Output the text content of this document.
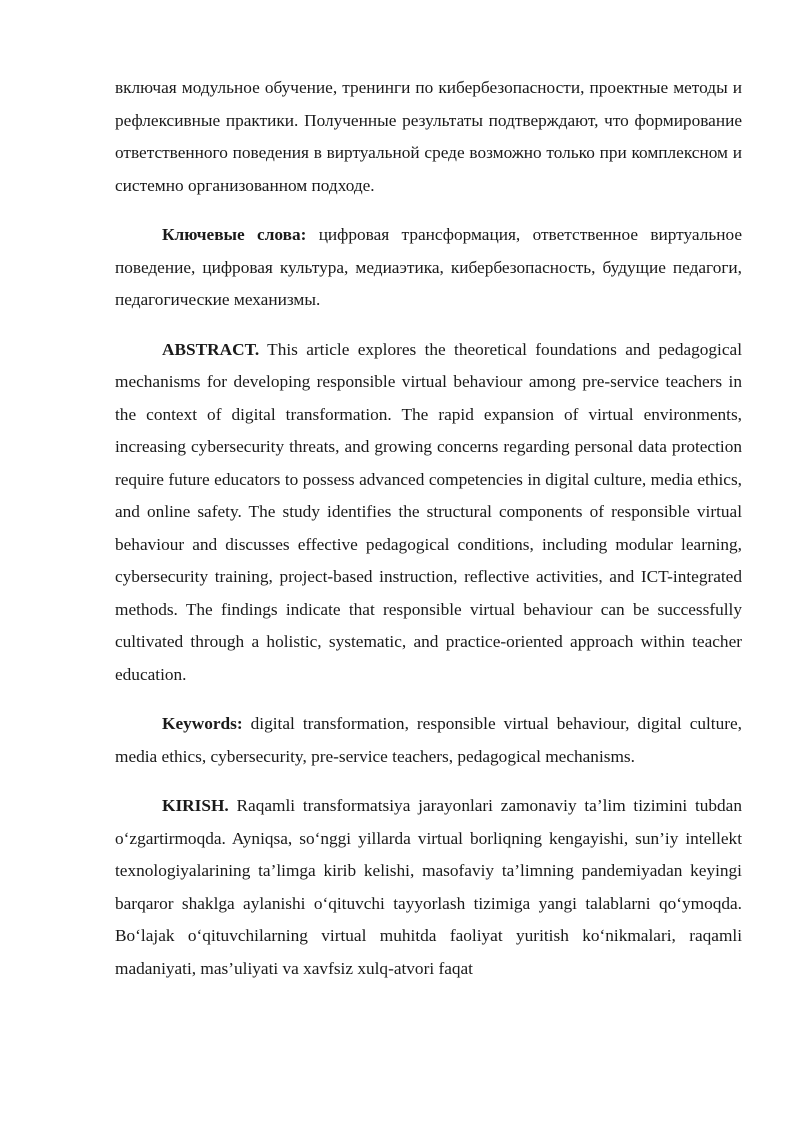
включая модульное обучение, тренинги по кибербезопасности, проектные методы и рефлексивные практики. Полученные результаты подтверждают, что формирование ответственного поведения в виртуальной среде возможно только при комплексном и системно организованном подходе.

Ключевые слова: цифровая трансформация, ответственное виртуальное поведение, цифровая культура, медиаэтика, кибербезопасность, будущие педагоги, педагогические механизмы.

ABSTRACT. This article explores the theoretical foundations and pedagogical mechanisms for developing responsible virtual behaviour among pre-service teachers in the context of digital transformation. The rapid expansion of virtual environments, increasing cybersecurity threats, and growing concerns regarding personal data protection require future educators to possess advanced competencies in digital culture, media ethics, and online safety. The study identifies the structural components of responsible virtual behaviour and discusses effective pedagogical conditions, including modular learning, cybersecurity training, project-based instruction, reflective activities, and ICT-integrated methods. The findings indicate that responsible virtual behaviour can be successfully cultivated through a holistic, systematic, and practice-oriented approach within teacher education.

Keywords: digital transformation, responsible virtual behaviour, digital culture, media ethics, cybersecurity, pre-service teachers, pedagogical mechanisms.

KIRISH. Raqamli transformatsiya jarayonlari zamonaviy ta’lim tizimini tubdan o‘zgartirmoqda. Ayniqsa, so‘nggi yillarda virtual borliqning kengayishi, sun’iy intellekt texnologiyalarining ta’limga kirib kelishi, masofaviy ta’limning pandemiyadan keyingi barqaror shaklga aylanishi o‘qituvchi tayyorlash tizimiga yangi talablarni qo‘ymoqda. Bo‘lajak o‘qituvchilarning virtual muhitda faoliyat yuritish ko‘nikmalari, raqamli madaniyati, mas’uliyati va xavfsiz xulq-atvori faqat
